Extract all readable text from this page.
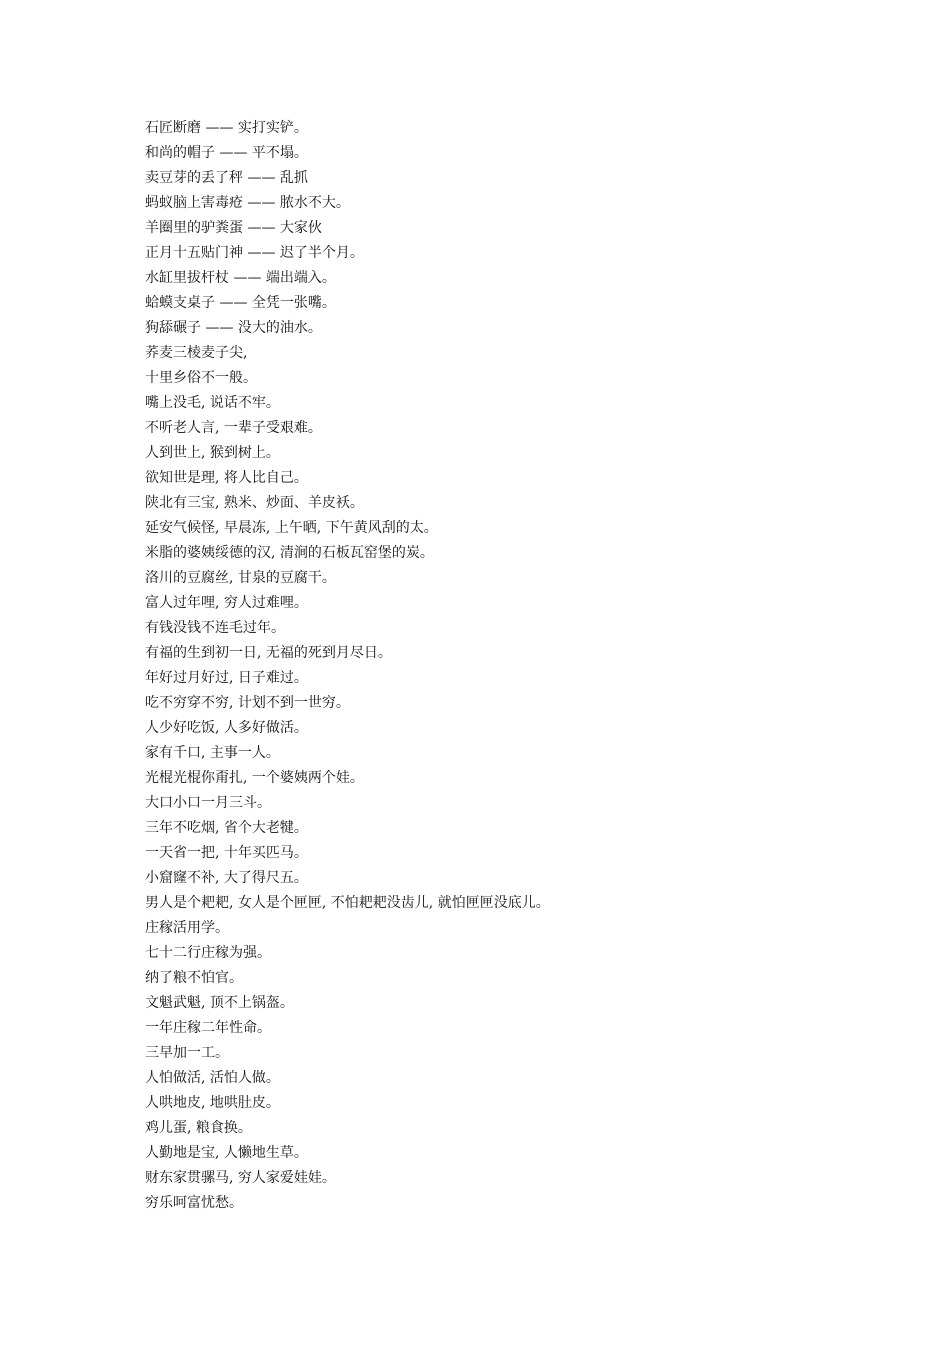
石匠断磨 —— 实打实铲。
和尚的帽子 —— 平不塌。
卖豆芽的丢了秤 —— 乱抓
蚂蚁脑上害毒疮 —— 脓水不大。
羊圈里的驴粪蛋 —— 大家伙
正月十五贴门神 —— 迟了半个月。
水缸里拔杆杖 —— 端出端入。
蛤蟆支桌子 —— 全凭一张嘴。
狗舔碾子 —— 没大的油水。
荞麦三棱麦子尖,
十里乡俗不一般。
嘴上没毛, 说话不牢。
不听老人言, 一辈子受艰难。
人到世上, 猴到树上。
欲知世是理, 将人比自己。
陕北有三宝, 熟米、炒面、羊皮袄。
延安气候怪, 早晨冻, 上午晒, 下午黄风刮的太。
米脂的婆姨绥德的汉, 清涧的石板瓦窑堡的炭。
洛川的豆腐丝, 甘泉的豆腐干。
富人过年哩, 穷人过难哩。
有钱没钱不连毛过年。
有福的生到初一日, 无福的死到月尽日。
年好过月好过, 日子难过。
吃不穷穿不穷, 计划不到一世穷。
人少好吃饭, 人多好做活。
家有千口, 主事一人。
光棍光棍你甭扎, 一个婆姨两个娃。
大口小口一月三斗。
三年不吃烟, 省个大老犍。
一天省一把, 十年买匹马。
小窟窿不补, 大了得尺五。
男人是个耙耙, 女人是个匣匣, 不怕耙耙没齿儿, 就怕匣匣没底儿。
庄稼活用学。
七十二行庄稼为强。
纳了粮不怕官。
文魁武魁, 顶不上锅盔。
一年庄稼二年性命。
三早加一工。
人怕做活, 活怕人做。
人哄地皮, 地哄肚皮。
鸡儿蛋, 粮食换。
人勤地是宝, 人懒地生草。
财东家贯骡马, 穷人家爱娃娃。
穷乐呵富忧愁。
